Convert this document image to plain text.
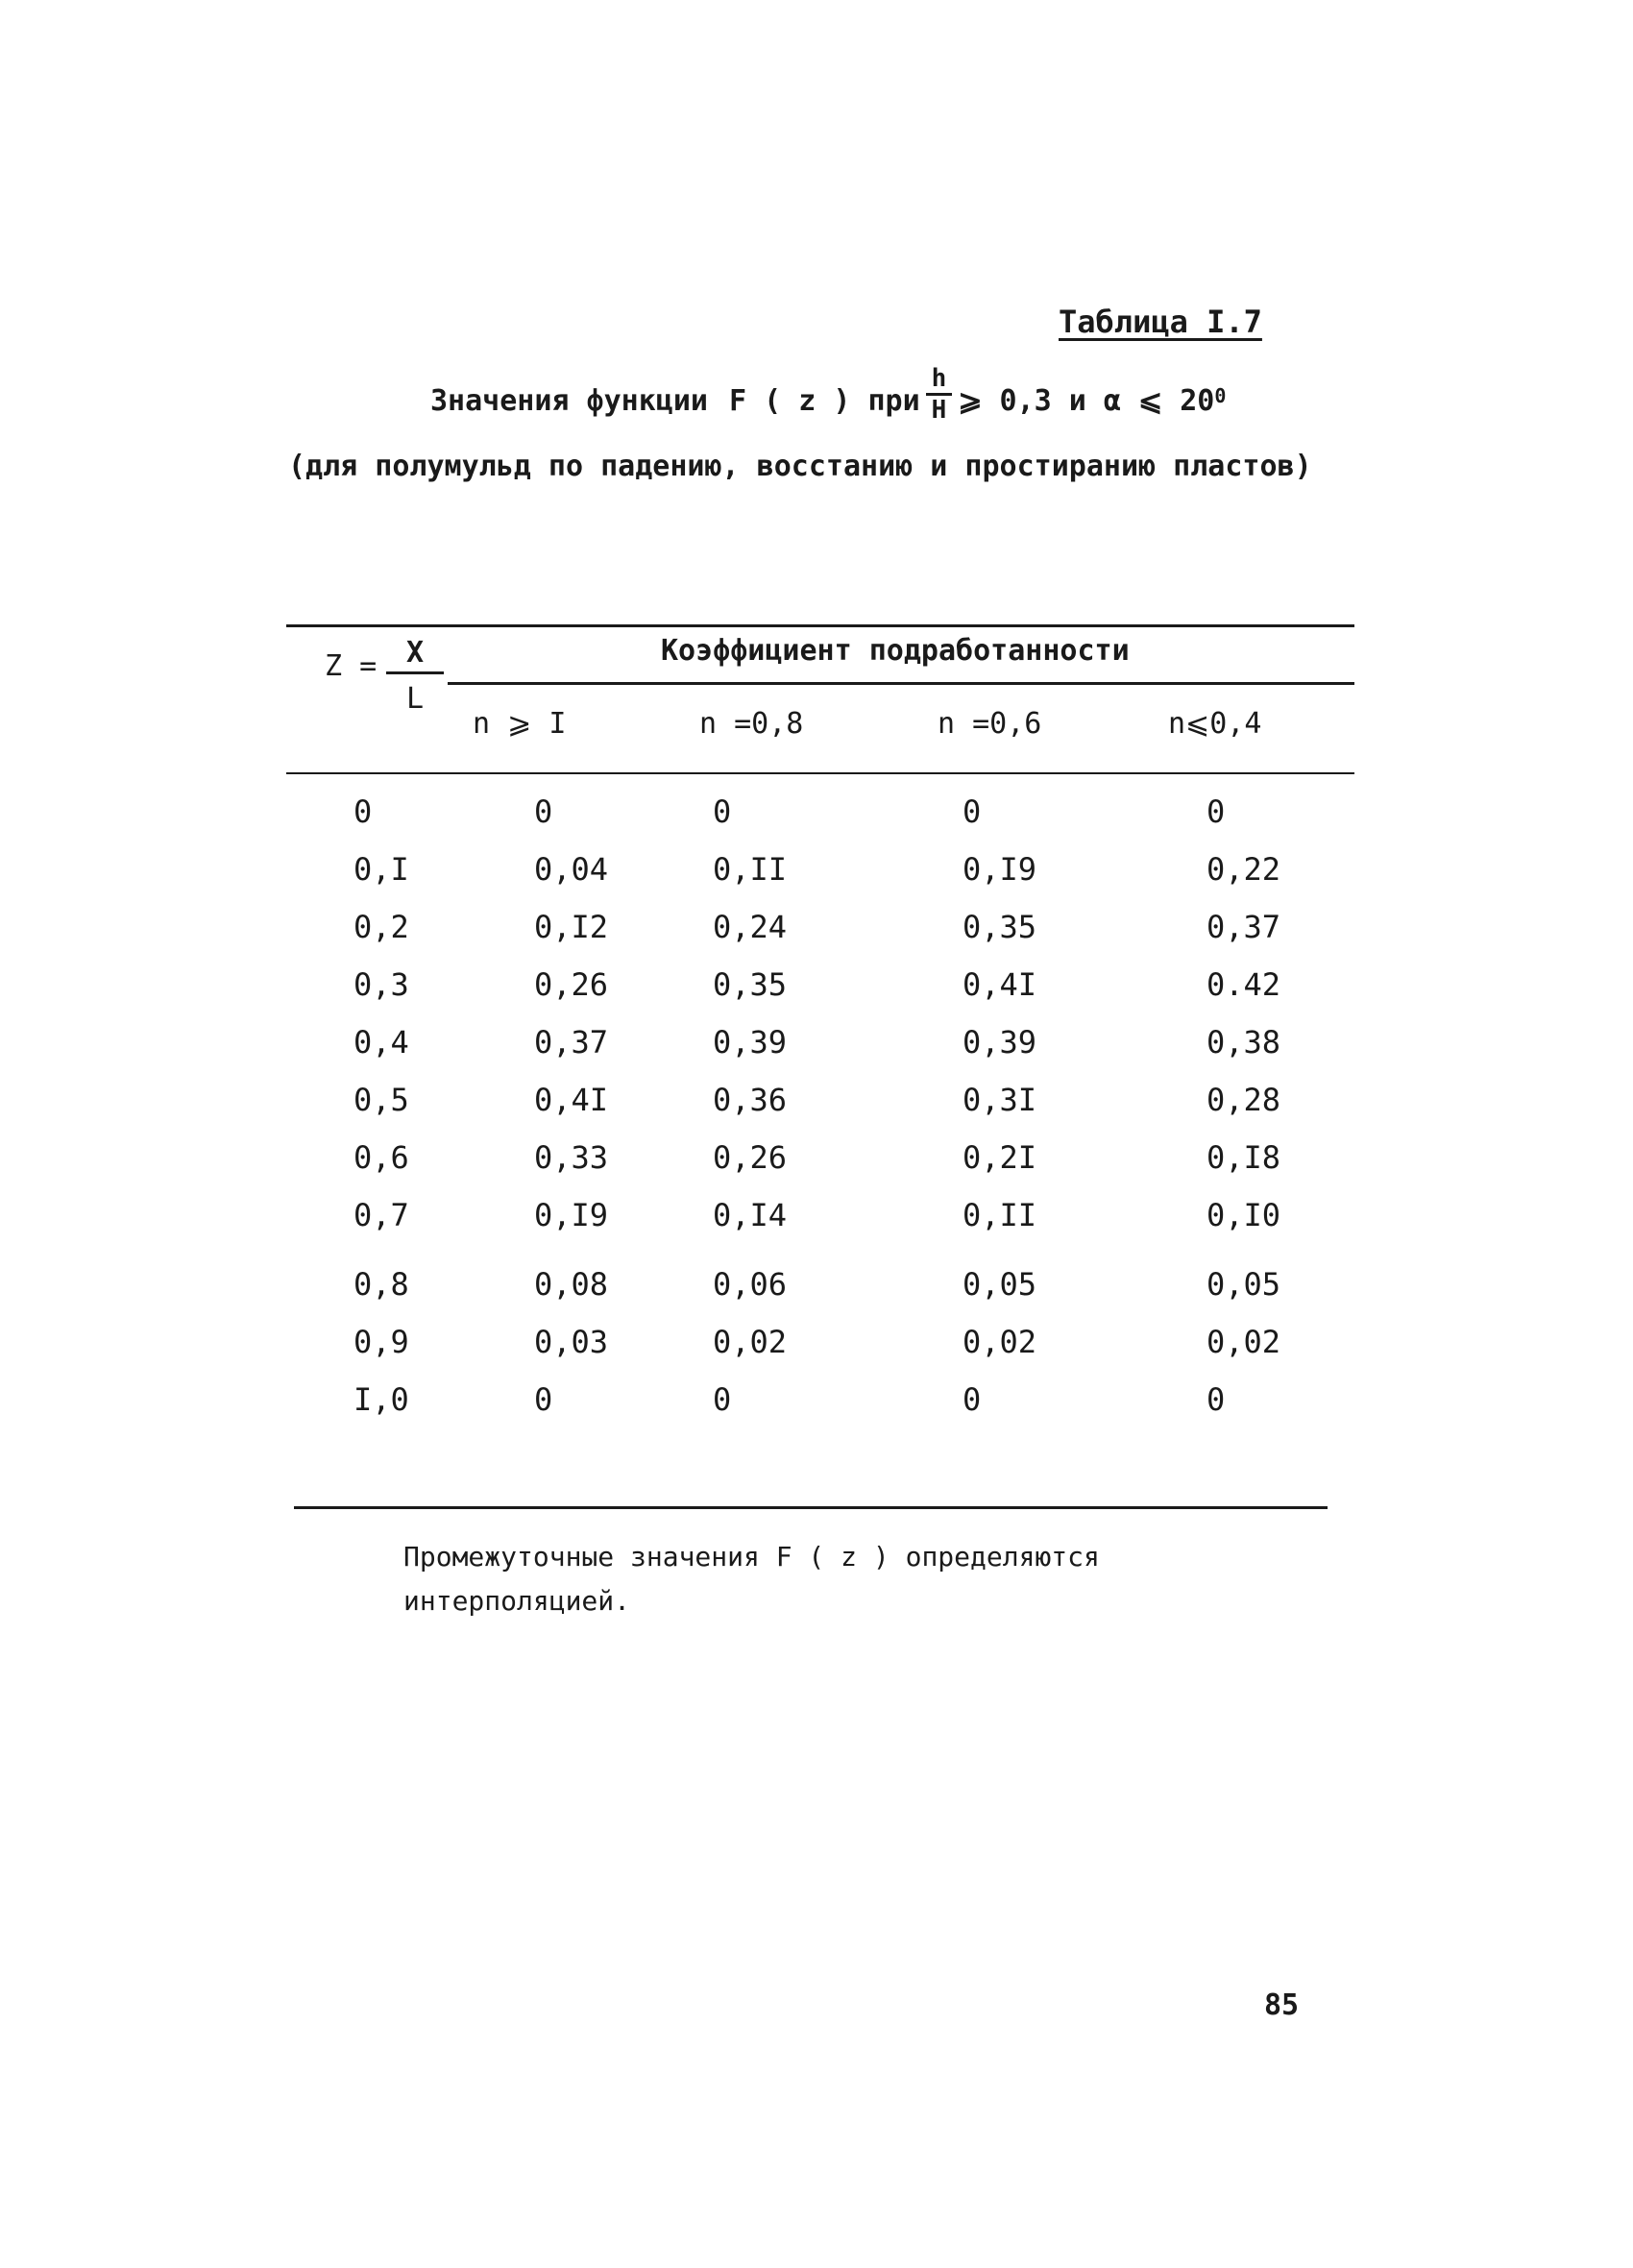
Таблица I.7
Значения функции F ( z ) при $\frac{h}{H}$ ⩾ 0,3 и α ⩽ 20 0
(для полумульд по падению, восстанию и простиранию пластов)
$Z = \frac{X}{L}$	Коэффициент подработанности
n ⩾ I	n =0,8	n =0,6	n⩽0,4
0	0	0	0	0
0,I	0,04	0,II	0,I9	0,22
0,2	0,I2	0,24	0,35	0,37
0,3	0,26	0,35	0,4I	0.42
0,4	0,37	0,39	0,39	0,38
0,5	0,4I	0,36	0,3I	0,28
0,6	0,33	0,26	0,2I	0,I8
0,7	0,I9	0,I4	0,II	0,I0
0,8	0,08	0,06	0,05	0,05
0,9	0,03	0,02	0,02	0,02
I,0	0	0	0	0
Промежуточные значения F ( z ) определяются
интерполяцией.
85
